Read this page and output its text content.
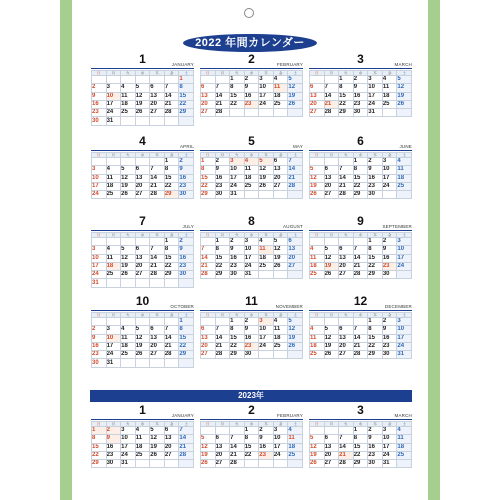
2022 年間カレンダー
2023年
1	JANUARY
日	月	火	水	木	金	土
						1
2	3	4	5	6	7	8
9	10	11	12	13	14	15
16	17	18	19	20	21	22
23	24	25	26	27	28	29
30	31					
2	FEBRUARY
日	月	火	水	木	金	土
		1	2	3	4	5
6	7	8	9	10	11	12
13	14	15	16	17	18	19
20	21	22	23	24	25	26
27	28					
3	MARCH
日	月	火	水	木	金	土
		1	2	3	4	5
6	7	8	9	10	11	12
13	14	15	16	17	18	19
20	21	22	23	24	25	26
27	28	29	30	31		
4	APRIL
日	月	火	水	木	金	土
					1	2
3	4	5	6	7	8	9
10	11	12	13	14	15	16
17	18	19	20	21	22	23
24	25	26	27	28	29	30
5	MAY
日	月	火	水	木	金	土
1	2	3	4	5	6	7
8	9	10	11	12	13	14
15	16	17	18	19	20	21
22	23	24	25	26	27	28
29	30	31				
6	JUNE
日	月	火	水	木	金	土
			1	2	3	4
5	6	7	8	9	10	11
12	13	14	15	16	17	18
19	20	21	22	23	24	25
26	27	28	29	30		
7	JULY
日	月	火	水	木	金	土
					1	2
3	4	5	6	7	8	9
10	11	12	13	14	15	16
17	18	19	20	21	22	23
24	25	26	27	28	29	30
31						
8	AUGUST
日	月	火	水	木	金	土
	1	2	3	4	5	6
7	8	9	10	11	12	13
14	15	16	17	18	19	20
21	22	23	24	25	26	27
28	29	30	31			
9	SEPTEMBER
日	月	火	水	木	金	土
				1	2	3
4	5	6	7	8	9	10
11	12	13	14	15	16	17
18	19	20	21	22	23	24
25	26	27	28	29	30	
10	OCTOBER
日	月	火	水	木	金	土
						1
2	3	4	5	6	7	8
9	10	11	12	13	14	15
16	17	18	19	20	21	22
23	24	25	26	27	28	29
30	31					
11	NOVEMBER
日	月	火	水	木	金	土
		1	2	3	4	5
6	7	8	9	10	11	12
13	14	15	16	17	18	19
20	21	22	23	24	25	26
27	28	29	30			
12	DECEMBER
日	月	火	水	木	金	土
				1	2	3
4	5	6	7	8	9	10
11	12	13	14	15	16	17
18	19	20	21	22	23	24
25	26	27	28	29	30	31
1	JANUARY
日	月	火	水	木	金	土
1	2	3	4	5	6	7
8	9	10	11	12	13	14
15	16	17	18	19	20	21
22	23	24	25	26	27	28
29	30	31				
2	FEBRUARY
日	月	火	水	木	金	土
			1	2	3	4
5	6	7	8	9	10	11
12	13	14	15	16	17	18
19	20	21	22	23	24	25
26	27	28				
3	MARCH
日	月	火	水	木	金	土
			1	2	3	4
5	6	7	8	9	10	11
12	13	14	15	16	17	18
19	20	21	22	23	24	25
26	27	28	29	30	31	
